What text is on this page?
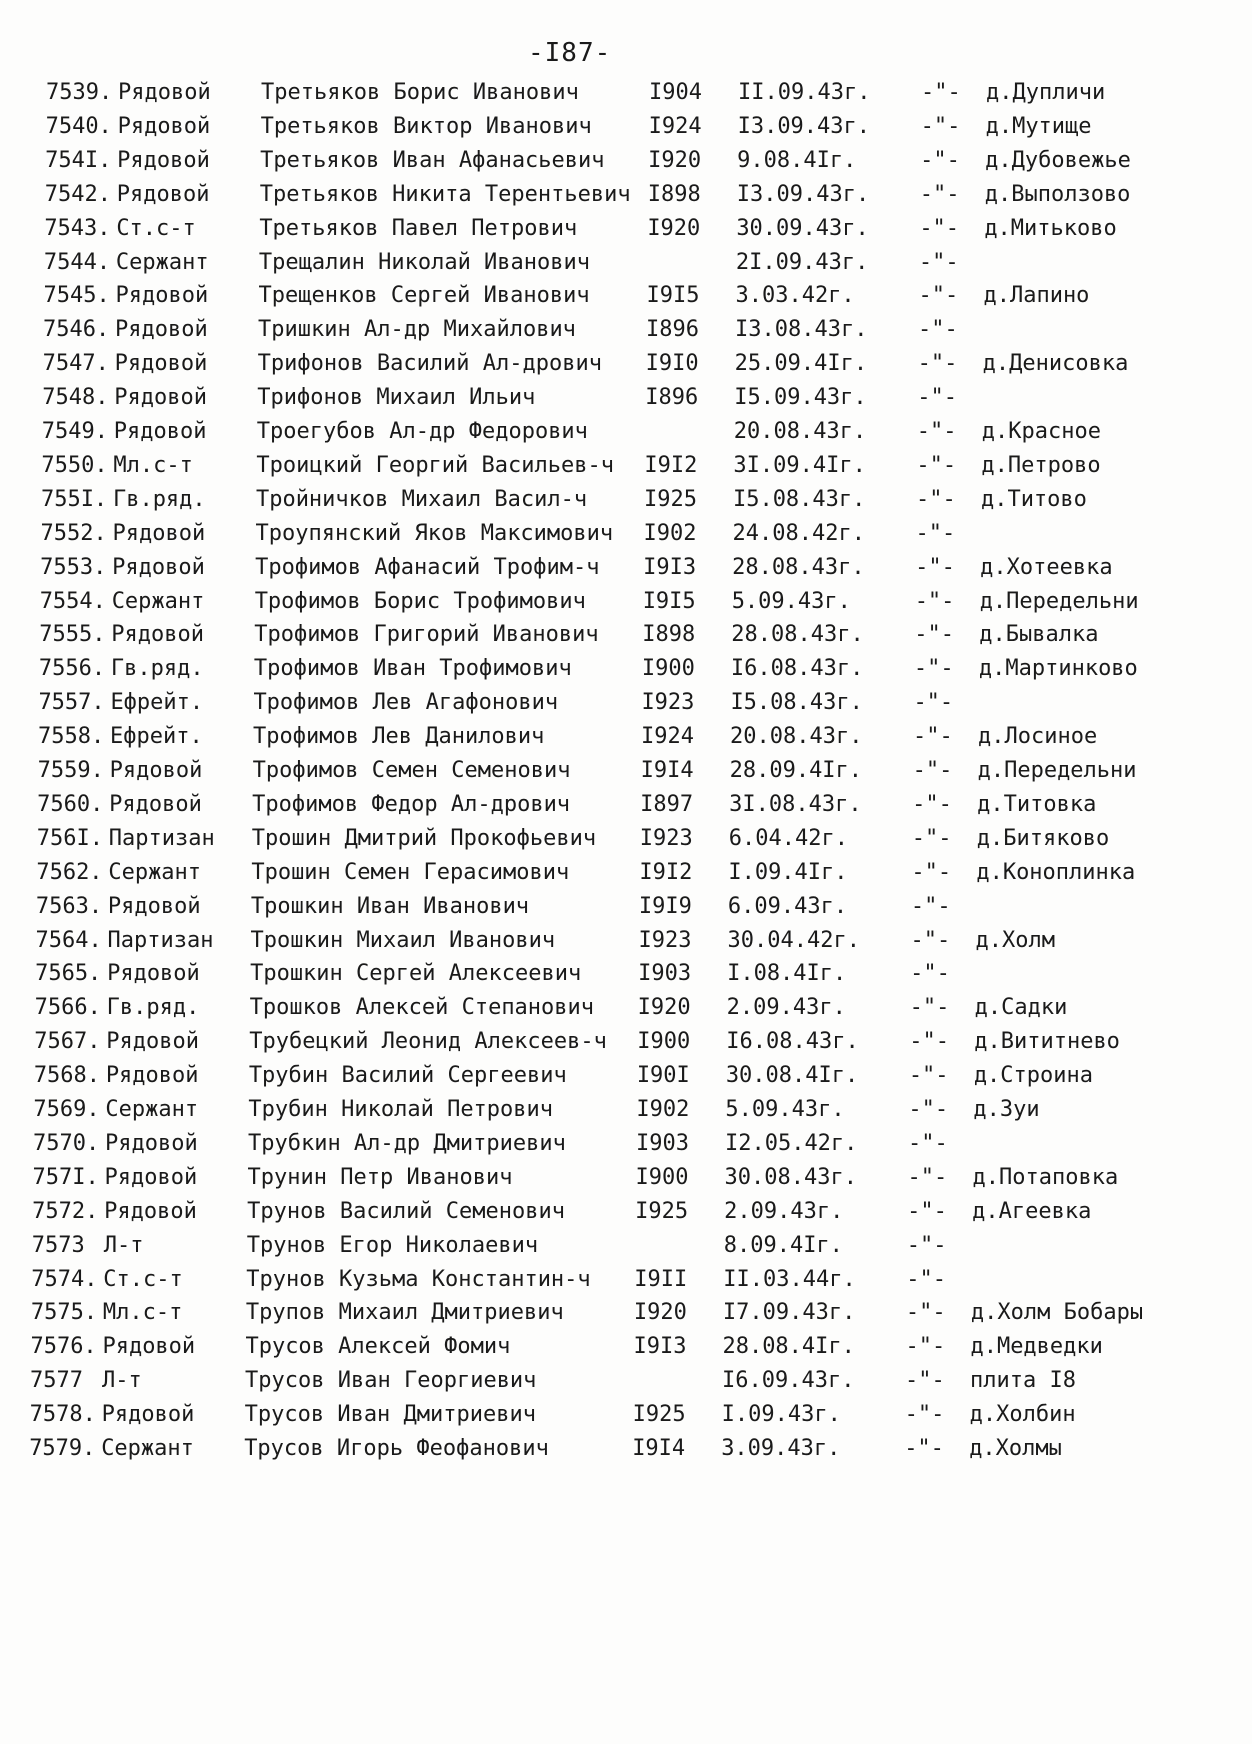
-I87-
7539. Рядовой Третьяков Борис Иванович	I904 II.09.43г. -"- д.Дупличи
7540. Рядовой Третьяков Виктор Иванович	I924 I3.09.43г. -"- д.Мутище
754I. Рядовой Третьяков Иван Афанасьевич I920 9.08.4Iг.	-"- д.Дубовежье
7542. Рядовой Третьяков Никита Терентьевич I898 I3.09.43г. -"- д.Выползово
7543. Ст.с-т	Третьяков Павел Петрович	I920 30.09.43г. -"- д.Митьково
7544. Сержант Трещалин Николай Иванович	2I.09.43г. -"-
7545. Рядовой Трещенков Сергей Иванович	I9I5 3.03.42г.	-"- д.Лапино
7546. Рядовой Тришкин Ал-др Михайлович	I896 I3.08.43г. -"-
7547. Рядовой Трифонов Василий Ал-дрович I9I0 25.09.4Iг. -"- д.Денисовка
7548. Рядовой Трифонов Михаил Ильич	I896 I5.09.43г. -"-
7549. Рядовой Троегубов Ал-др Федорович	20.08.43г. -"- д.Красное
7550. Мл.с-т	Троицкий Георгий Васильев-ч I9I2 3I.09.4Iг. -"- д.Петрово
755I. Гв.ряд. Тройничков Михаил Васил-ч	I925 I5.08.43г. -"- д.Титово
7552. Рядовой Троупянский Яков Максимович I902 24.08.42г. -"-
7553. Рядовой Трофимов Афанасий Трофим-ч I9I3 28.08.43г. -"- д.Хотеевка
7554. Сержант Трофимов Борис Трофимович	I9I5 5.09.43г.	-"- д.Передельни
7555. Рядовой Трофимов Григорий Иванович I898 28.08.43г. -"- д.Бывалка
7556. Гв.ряд. Трофимов Иван Трофимович	I900 I6.08.43г. -"- д.Мартинково
7557. Ефрейт. Трофимов Лев Агафонович	I923 I5.08.43г. -"-
7558. Ефрейт. Трофимов Лев Данилович	I924 20.08.43г. -"- д.Лосиное
7559. Рядовой Трофимов Семен Семенович	I9I4 28.09.4Iг. -"- д.Передельни
7560. Рядовой Трофимов Федор Ал-дрович	I897 3I.08.43г. -"- д.Титовка
756I. Партизан Трошин Дмитрий Прокофьевич I923 6.04.42г.	-"- д.Битяково
7562. Сержант Трошин Семен Герасимович	I9I2 I.09.4Iг.	-"- д.Коноплинка
7563. Рядовой Трошкин Иван Иванович	I9I9 6.09.43г.	-"-
7564. Партизан Трошкин Михаил Иванович	I923 30.04.42г. -"- д.Холм
7565. Рядовой Трошкин Сергей Алексеевич	I903 I.08.4Iг.	-"-
7566. Гв.ряд. Трошков Алексей Степанович I920 2.09.43г.	-"- д.Садки
7567. Рядовой Трубецкий Леонид Алексеев-ч I900 I6.08.43г. -"- д.Вититнево
7568. Рядовой Трубин Василий Сергеевич	I90I 30.08.4Iг. -"- д.Строина
7569. Сержант Трубин Николай Петрович	I902 5.09.43г.	-"- д.Зуи
7570. Рядовой Трубкин Ал-др Дмитриевич	I903 I2.05.42г. -"-
757I. Рядовой Трунин Петр Иванович	I900 30.08.43г. -"- д.Потаповка
7572. Рядовой Трунов Василий Семенович	I925 2.09.43г.	-"- д.Агеевка
7573 Л-т	Трунов Егор Николаевич	8.09.4Iг.	-"-
7574. Ст.с-т	Трунов Кузьма Константин-ч I9II II.03.44г. -"-
7575. Мл.с-т	Трупов Михаил Дмитриевич	I920 I7.09.43г. -"- д.Холм Бобары
7576. Рядовой Трусов Алексей Фомич	I9I3 28.08.4Iг. -"- д.Медведки
7577 Л-т	Трусов Иван Георгиевич	I6.09.43г. -"- плита I8
7578. Рядовой Трусов Иван Дмитриевич	I925 I.09.43г.	-"- д.Холбин
7579. Сержант Трусов Игорь Феофанович	I9I4 3.09.43г.	-"- д.Холмы
